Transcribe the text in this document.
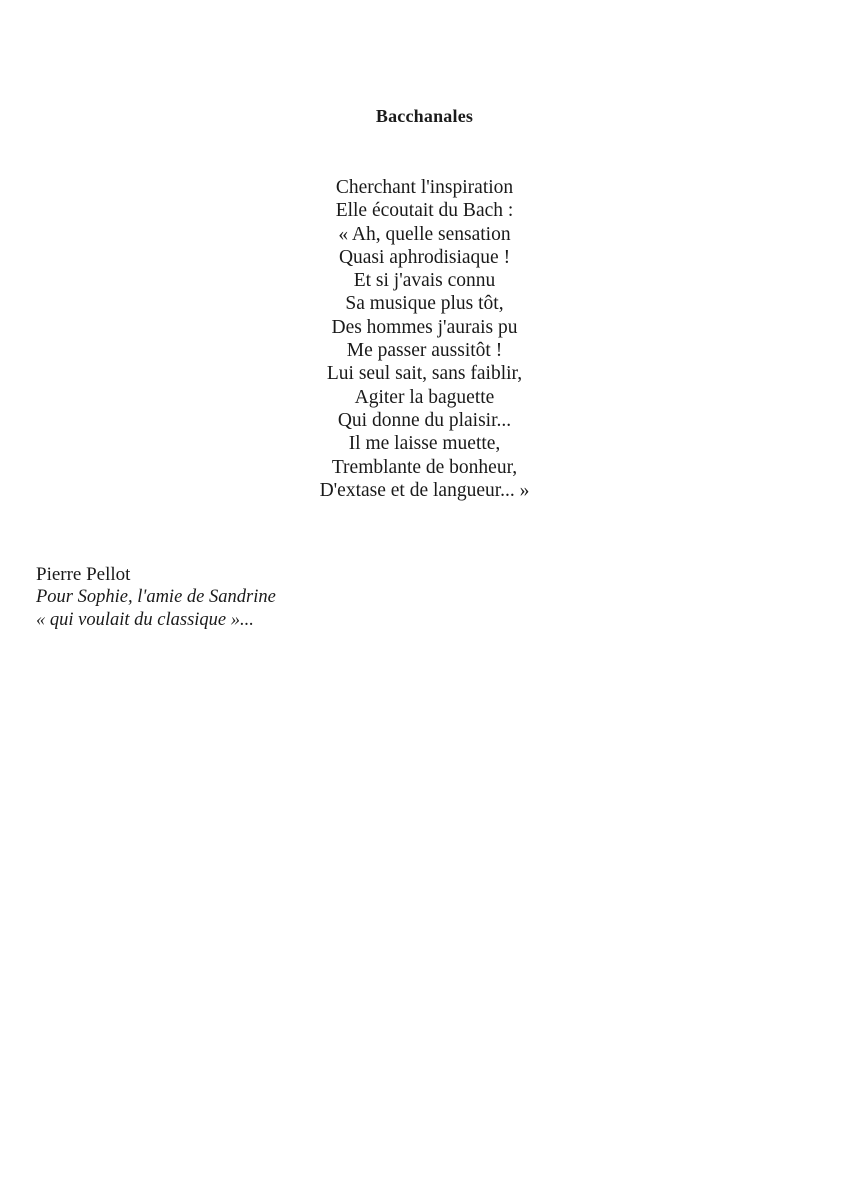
Bacchanales
Cherchant l'inspiration
Elle écoutait du Bach :
« Ah, quelle sensation
Quasi aphrodisiaque !
Et si j'avais connu
Sa musique plus tôt,
Des hommes j'aurais pu
Me passer aussitôt !
Lui seul sait, sans faiblir,
Agiter la baguette
Qui donne du plaisir...
Il me laisse muette,
Tremblante de bonheur,
D'extase et de langueur... »
Pierre Pellot
Pour Sophie, l'amie de Sandrine
« qui voulait du classique »...
